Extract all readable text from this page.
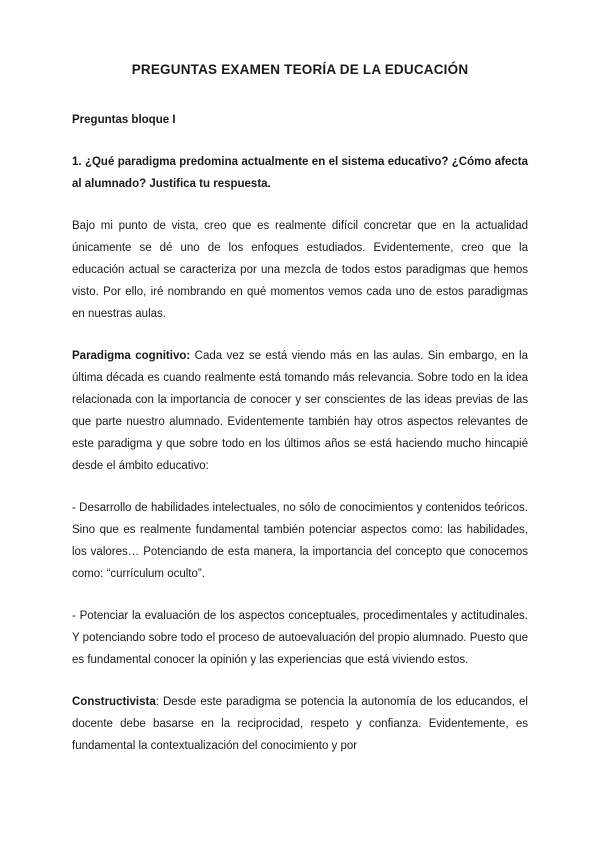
PREGUNTAS EXAMEN TEORÍA DE LA EDUCACIÓN

Preguntas bloque I

1. ¿Qué paradigma predomina actualmente en el sistema educativo? ¿Cómo afecta al alumnado? Justifica tu respuesta.

Bajo mi punto de vista, creo que es realmente difícil concretar que en la actualidad únicamente se dé uno de los enfoques estudiados. Evidentemente, creo que la educación actual se caracteriza por una mezcla de todos estos paradigmas que hemos visto. Por ello, iré nombrando en qué momentos vemos cada uno de estos paradigmas en nuestras aulas.

Paradigma cognitivo: Cada vez se está viendo más en las aulas. Sin embargo, en la última década es cuando realmente está tomando más relevancia. Sobre todo en la idea relacionada con la importancia de conocer y ser conscientes de las ideas previas de las que parte nuestro alumnado. Evidentemente también hay otros aspectos relevantes de este paradigma y que sobre todo en los últimos años se está haciendo mucho hincapié desde el ámbito educativo:

- Desarrollo de habilidades intelectuales, no sólo de conocimientos y contenidos teóricos. Sino que es realmente fundamental también potenciar aspectos como: las habilidades, los valores… Potenciando de esta manera, la importancia del concepto que conocemos como: “currículum oculto”.

- Potenciar la evaluación de los aspectos conceptuales, procedimentales y actitudinales. Y potenciando sobre todo el proceso de autoevaluación del propio alumnado. Puesto que es fundamental conocer la opinión y las experiencias que está viviendo estos.

Constructivista: Desde este paradigma se potencia la autonomía de los educandos, el docente debe basarse en la reciprocidad, respeto y confianza. Evidentemente, es fundamental la contextualización del conocimiento y por
